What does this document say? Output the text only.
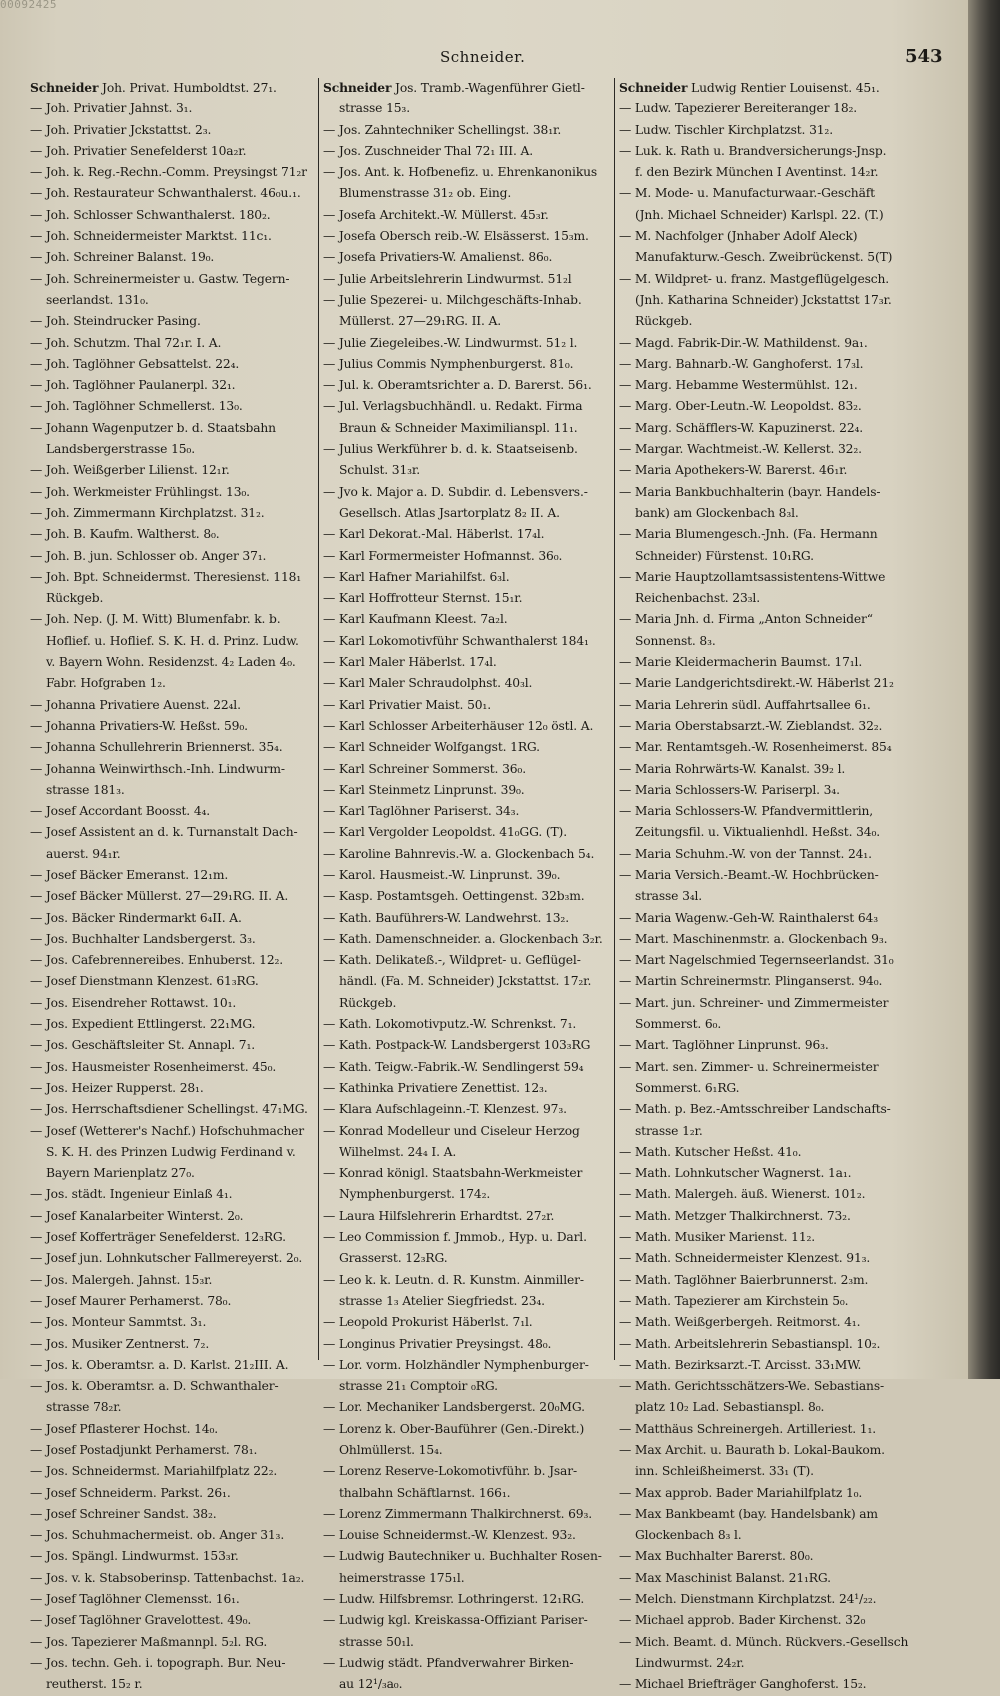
00092425
Schneider.	543
Schneider Joh. Privat. Humboldtst. 27₁.
— Joh. Privatier Jahnst. 3₁.
— Joh. Privatier Jckstattst. 2₃.
— Joh. Privatier Senefelderst 10a₂r.
— Joh. k. Reg.-Rechn.-Comm. Preysingst 71₂r
— Joh. Restaurateur Schwanthalerst. 46₀u.₁.
— Joh. Schlosser Schwanthalerst. 180₂.
— Joh. Schneidermeister Marktst. 11c₁.
— Joh. Schreiner Balanst. 19₀.
— Joh. Schreinermeister u. Gastw. Tegern-
seerlandst. 131₀.
— Joh. Steindrucker Pasing.
— Joh. Schutzm. Thal 72₁r. I. A.
— Joh. Taglöhner Gebsattelst. 22₄.
— Joh. Taglöhner Paulanerpl. 32₁.
— Joh. Taglöhner Schmellerst. 13₀.
— Johann Wagenputzer b. d. Staatsbahn
Landsbergerstrasse 15₀.
— Joh. Weißgerber Lilienst. 12₁r.
— Joh. Werkmeister Frühlingst. 13₀.
— Joh. Zimmermann Kirchplatzst. 31₂.
— Joh. B. Kaufm. Waltherst. 8₀.
— Joh. B. jun. Schlosser ob. Anger 37₁.
— Joh. Bpt. Schneidermst. Theresienst. 118₁
Rückgeb.
— Joh. Nep. (J. M. Witt) Blumenfabr. k. b.
Hoflief. u. Hoflief. S. K. H. d. Prinz. Ludw.
v. Bayern Wohn. Residenzst. 4₂ Laden 4₀.
Fabr. Hofgraben 1₂.
— Johanna Privatiere Auenst. 22₄l.
— Johanna Privatiers-W. Heßst. 59₀.
— Johanna Schullehrerin Briennerst. 35₄.
— Johanna Weinwirthsch.-Inh. Lindwurm-
strasse 181₃.
— Josef Accordant Boosst. 4₄.
— Josef Assistent an d. k. Turnanstalt Dach-
auerst. 94₁r.
— Josef Bäcker Emeranst. 12₁m.
— Josef Bäcker Müllerst. 27—29₁RG. II. A.
— Jos. Bäcker Rindermarkt 6₄II. A.
— Jos. Buchhalter Landsbergerst. 3₃.
— Jos. Cafebrennereibes. Enhuberst. 12₂.
— Josef Dienstmann Klenzest. 61₃RG.
— Jos. Eisendreher Rottawst. 10₁.
— Jos. Expedient Ettlingerst. 22₁MG.
— Jos. Geschäftsleiter St. Annapl. 7₁.
— Jos. Hausmeister Rosenheimerst. 45₀.
— Jos. Heizer Rupperst. 28₁.
— Jos. Herrschaftsdiener Schellingst. 47₁MG.
— Josef (Wetterer's Nachf.) Hofschuhmacher
S. K. H. des Prinzen Ludwig Ferdinand v.
Bayern Marienplatz 27₀.
— Jos. städt. Ingenieur Einlaß 4₁.
— Josef Kanalarbeiter Winterst. 2₀.
— Josef Kofferträger Senefelderst. 12₃RG.
— Josef jun. Lohnkutscher Fallmereyerst. 2₀.
— Jos. Malergeh. Jahnst. 15₃r.
— Josef Maurer Perhamerst. 78₀.
— Jos. Monteur Sammtst. 3₁.
— Jos. Musiker Zentnerst. 7₂.
— Jos. k. Oberamtsr. a. D. Karlst. 21₂III. A.
— Jos. k. Oberamtsr. a. D. Schwanthaler-
strasse 78₂r.
— Josef Pflasterer Hochst. 14₀.
— Josef Postadjunkt Perhamerst. 78₁.
— Jos. Schneidermst. Mariahilfplatz 22₂.
— Josef Schneiderm. Parkst. 26₁.
— Josef Schreiner Sandst. 38₂.
— Jos. Schuhmachermeist. ob. Anger 31₃.
— Jos. Spängl. Lindwurmst. 153₃r.
— Jos. v. k. Stabsoberinsp. Tattenbachst. 1a₂.
— Josef Taglöhner Clemensst. 16₁.
— Josef Taglöhner Gravelottest. 49₀.
— Jos. Tapezierer Maßmannpl. 5₂l. RG.
— Jos. techn. Geh. i. topograph. Bur. Neu-
reutherst. 15₂ r.
Schneider Jos. Tramb.-Wagenführer Gietl-
strasse 15₃.
— Jos. Zahntechniker Schellingst. 38₁r.
— Jos. Zuschneider Thal 72₁ III. A.
— Jos. Ant. k. Hofbenefiz. u. Ehrenkanonikus
Blumenstrasse 31₂ ob. Eing.
— Josefa Architekt.-W. Müllerst. 45₃r.
— Josefa Obersch reib.-W. Elsässerst. 15₃m.
— Josefa Privatiers-W. Amalienst. 86₀.
— Julie Arbeitslehrerin Lindwurmst. 51₂l
— Julie Spezerei- u. Milchgeschäfts-Inhab.
Müllerst. 27—29₁RG. II. A.
— Julie Ziegeleibes.-W. Lindwurmst. 51₂ l.
— Julius Commis Nymphenburgerst. 81₀.
— Jul. k. Oberamtsrichter a. D. Barerst. 56₁.
— Jul. Verlagsbuchhändl. u. Redakt. Firma
Braun & Schneider Maximilianspl. 11₁.
— Julius Werkführer b. d. k. Staatseisenb.
Schulst. 31₃r.
— Jvo k. Major a. D. Subdir. d. Lebensvers.-
Gesellsch. Atlas Jsartorplatz 8₂ II. A.
— Karl Dekorat.-Mal. Häberlst. 17₄l.
— Karl Formermeister Hofmannst. 36₀.
— Karl Hafner Mariahilfst. 6₃l.
— Karl Hoffrotteur Sternst. 15₁r.
— Karl Kaufmann Kleest. 7a₂l.
— Karl Lokomotivführ Schwanthalerst 184₁
— Karl Maler Häberlst. 17₄l.
— Karl Maler Schraudolphst. 40₃l.
— Karl Privatier Maist. 50₁.
— Karl Schlosser Arbeiterhäuser 12₀ östl. A.
— Karl Schneider Wolfgangst. 1RG.
— Karl Schreiner Sommerst. 36₀.
— Karl Steinmetz Linprunst. 39₀.
— Karl Taglöhner Pariserst. 34₃.
— Karl Vergolder Leopoldst. 41₀GG. (T).
— Karoline Bahnrevis.-W. a. Glockenbach 5₄.
— Karol. Hausmeist.-W. Linprunst. 39₀.
— Kasp. Postamtsgeh. Oettingenst. 32b₃m.
— Kath. Bauführers-W. Landwehrst. 13₂.
— Kath. Damenschneider. a. Glockenbach 3₂r.
— Kath. Delikateß.-, Wildpret- u. Geflügel-
händl. (Fa. M. Schneider) Jckstattst. 17₂r.
Rückgeb.
— Kath. Lokomotivputz.-W. Schrenkst. 7₁.
— Kath. Postpack-W. Landsbergerst 103₃RG
— Kath. Teigw.-Fabrik.-W. Sendlingerst 59₄
— Kathinka Privatiere Zenettist. 12₃.
— Klara Aufschlageinn.-T. Klenzest. 97₃.
— Konrad Modelleur und Ciseleur Herzog
Wilhelmst. 24₄ I. A.
— Konrad königl. Staatsbahn-Werkmeister
Nymphenburgerst. 174₂.
— Laura Hilfslehrerin Erhardtst. 27₂r.
— Leo Commission f. Jmmob., Hyp. u. Darl.
Grasserst. 12₃RG.
— Leo k. k. Leutn. d. R. Kunstm. Ainmiller-
strasse 1₃ Atelier Siegfriedst. 23₄.
— Leopold Prokurist Häberlst. 7₁l.
— Longinus Privatier Preysingst. 48₀.
— Lor. vorm. Holzhändler Nymphenburger-
strasse 21₁ Comptoir ₀RG.
— Lor. Mechaniker Landsbergerst. 20₀MG.
— Lorenz k. Ober-Bauführer (Gen.-Direkt.)
Ohlmüllerst. 15₄.
— Lorenz Reserve-Lokomotivführ. b. Jsar-
thalbahn Schäftlarnst. 166₁.
— Lorenz Zimmermann Thalkirchnerst. 69₃.
— Louise Schneidermst.-W. Klenzest. 93₂.
— Ludwig Bautechniker u. Buchhalter Rosen-
heimerstrasse 175₁l.
— Ludw. Hilfsbremsr. Lothringerst. 12₁RG.
— Ludwig kgl. Kreiskassa-Offiziant Pariser-
strasse 50₁l.
— Ludwig städt. Pfandverwahrer Birken-
au 12¹/₃a₀.
Schneider Ludwig Rentier Louisenst. 45₁.
— Ludw. Tapezierer Bereiteranger 18₂.
— Ludw. Tischler Kirchplatzst. 31₂.
— Luk. k. Rath u. Brandversicherungs-Jnsp.
f. den Bezirk München I Aventinst. 14₂r.
— M. Mode- u. Manufacturwaar.-Geschäft
(Jnh. Michael Schneider) Karlspl. 22. (T.)
— M. Nachfolger (Jnhaber Adolf Aleck)
Manufakturw.-Gesch. Zweibrückenst. 5(T)
— M. Wildpret- u. franz. Mastgeflügelgesch.
(Jnh. Katharina Schneider) Jckstattst 17₃r.
Rückgeb.
— Magd. Fabrik-Dir.-W. Mathildenst. 9a₁.
— Marg. Bahnarb.-W. Ganghoferst. 17₃l.
— Marg. Hebamme Westermühlst. 12₁.
— Marg. Ober-Leutn.-W. Leopoldst. 83₂.
— Marg. Schäfflers-W. Kapuzinerst. 22₄.
— Margar. Wachtmeist.-W. Kellerst. 32₂.
— Maria Apothekers-W. Barerst. 46₁r.
— Maria Bankbuchhalterin (bayr. Handels-
bank) am Glockenbach 8₃l.
— Maria Blumengesch.-Jnh. (Fa. Hermann
Schneider) Fürstenst. 10₁RG.
— Marie Hauptzollamtsassistentens-Wittwe
Reichenbachst. 23₃l.
— Maria Jnh. d. Firma „Anton Schneider“
Sonnenst. 8₃.
— Marie Kleidermacherin Baumst. 17₁l.
— Marie Landgerichtsdirekt.-W. Häberlst 21₂
— Maria Lehrerin südl. Auffahrtsallee 6₁.
— Maria Oberstabsarzt.-W. Zieblandst. 32₂.
— Mar. Rentamtsgeh.-W. Rosenheimerst. 85₄
— Maria Rohrwärts-W. Kanalst. 39₂ l.
— Maria Schlossers-W. Pariserpl. 3₄.
— Maria Schlossers-W. Pfandvermittlerin,
Zeitungsfil. u. Viktualienhdl. Heßst. 34₀.
— Maria Schuhm.-W. von der Tannst. 24₁.
— Maria Versich.-Beamt.-W. Hochbrücken-
strasse 3₄l.
— Maria Wagenw.-Geh-W. Rainthalerst 64₃
— Mart. Maschinenmstr. a. Glockenbach 9₃.
— Mart Nagelschmied Tegernseerlandst. 31₀
— Martin Schreinermstr. Plinganserst. 94₀.
— Mart. jun. Schreiner- und Zimmermeister
Sommerst. 6₀.
— Mart. Taglöhner Linprunst. 96₃.
— Mart. sen. Zimmer- u. Schreinermeister
Sommerst. 6₁RG.
— Math. p. Bez.-Amtsschreiber Landschafts-
strasse 1₂r.
— Math. Kutscher Heßst. 41₀.
— Math. Lohnkutscher Wagnerst. 1a₁.
— Math. Malergeh. äuß. Wienerst. 101₂.
— Math. Metzger Thalkirchnerst. 73₂.
— Math. Musiker Marienst. 11₂.
— Math. Schneidermeister Klenzest. 91₃.
— Math. Taglöhner Baierbrunnerst. 2₃m.
— Math. Tapezierer am Kirchstein 5₀.
— Math. Weißgerbergeh. Reitmorst. 4₁.
— Math. Arbeitslehrerin Sebastianspl. 10₂.
— Math. Bezirksarzt.-T. Arcisst. 33₁MW.
— Math. Gerichtsschätzers-We. Sebastians-
platz 10₂ Lad. Sebastianspl. 8₀.
— Matthäus Schreinergeh. Artilleriest. 1₁.
— Max Archit. u. Baurath b. Lokal-Baukom.
inn. Schleißheimerst. 33₁ (T).
— Max approb. Bader Mariahilfplatz 1₀.
— Max Bankbeamt (bay. Handelsbank) am
Glockenbach 8₃ l.
— Max Buchhalter Barerst. 80₀.
— Max Maschinist Balanst. 21₁RG.
— Melch. Dienstmann Kirchplatzst. 24¹/₂₂.
— Michael approb. Bader Kirchenst. 32₀
— Mich. Beamt. d. Münch. Rückvers.-Gesellsch
Lindwurmst. 24₂r.
— Michael Briefträger Ganghoferst. 15₂.
